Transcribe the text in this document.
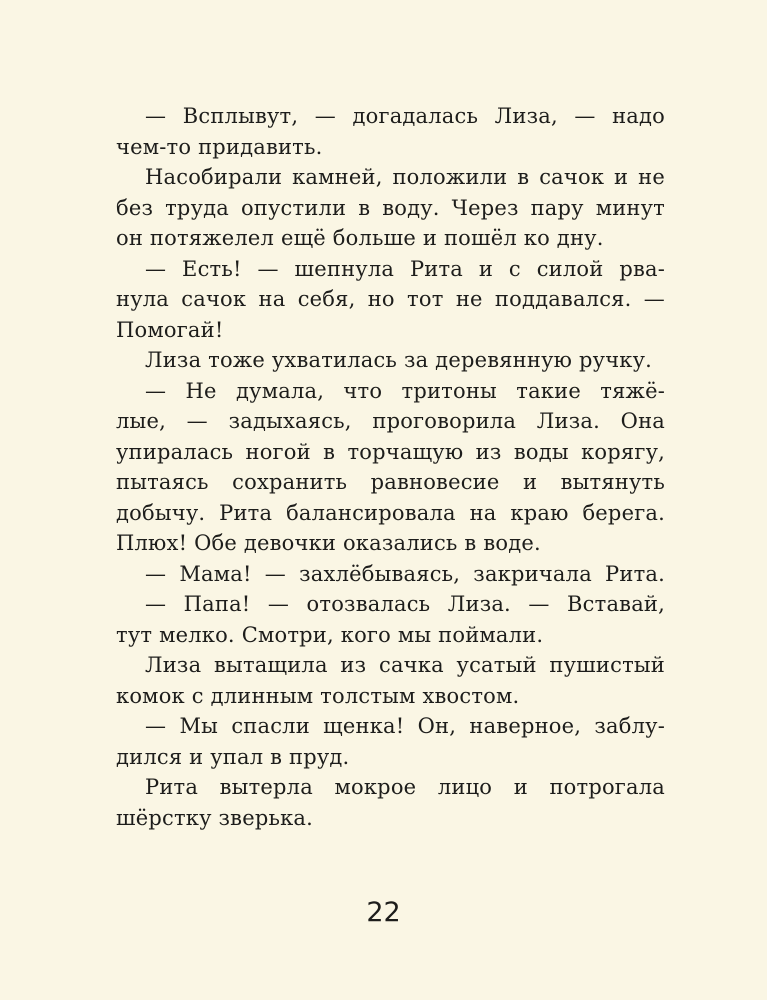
— Всплывут, — догадалась Лиза, — надо
чем-то придавить.
Насобирали камней, положили в сачок и не
без труда опустили в воду. Через пару минут
он потяжелел ещё больше и пошёл ко дну.
— Есть! — шепнула Рита и с силой рва-
нула сачок на себя, но тот не поддавался. —
Помогай!
Лиза тоже ухватилась за деревянную ручку.
— Не думала, что тритоны такие тяжё-
лые, — задыхаясь, проговорила Лиза. Она
упиралась ногой в торчащую из воды корягу,
пытаясь сохранить равновесие и вытянуть
добычу. Рита балансировала на краю берега.
Плюх! Обе девочки оказались в воде.
— Мама! — захлёбываясь, закричала Рита.
— Папа! — отозвалась Лиза. — Вставай,
тут мелко. Смотри, кого мы поймали.
Лиза вытащила из сачка усатый пушистый
комок с длинным толстым хвостом.
— Мы спасли щенка! Он, наверное, заблу-
дился и упал в пруд.
Рита вытерла мокрое лицо и потрогала
шёрстку зверька.
22
